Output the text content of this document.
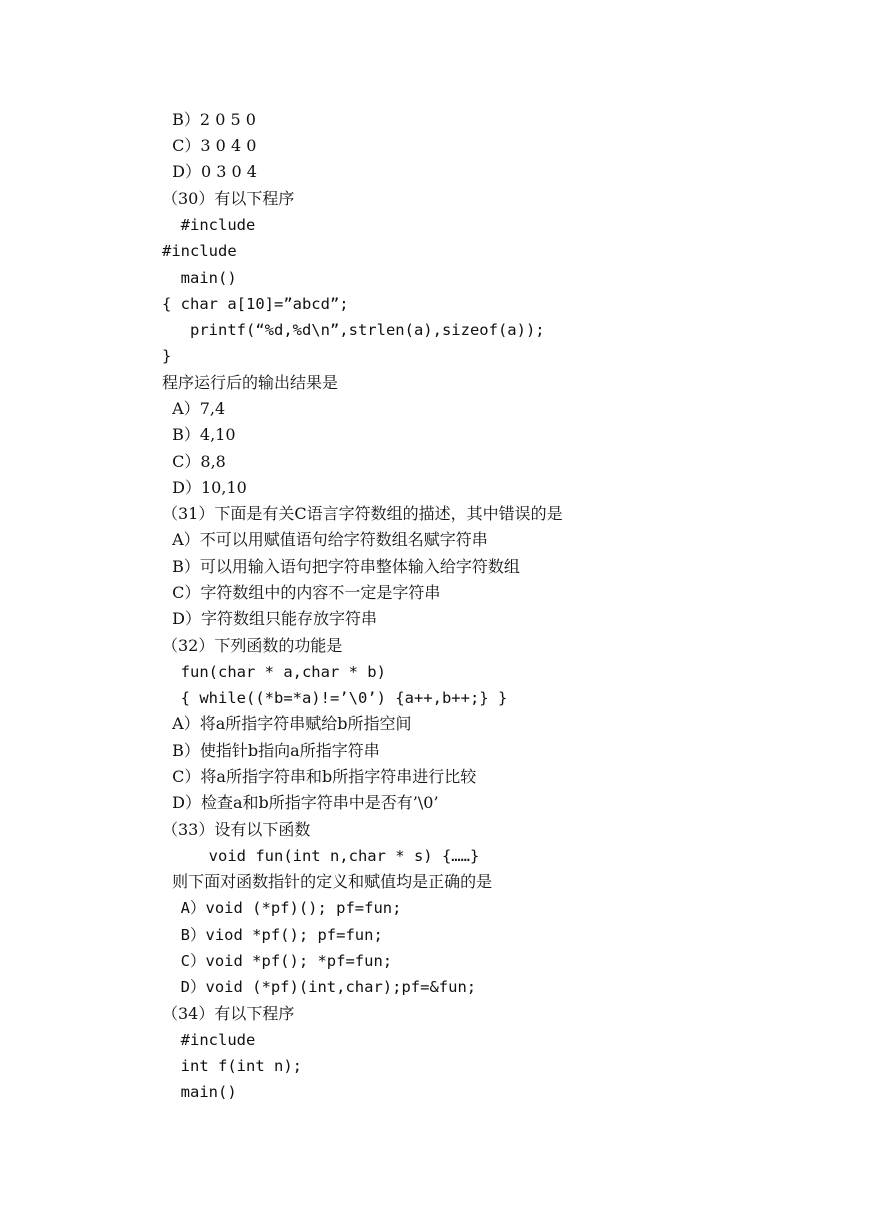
B）2 0 5 0
C）3 0 4 0
D）0 3 0 4
（30）有以下程序
#include
#include
main()
{ char a[10]=”abcd”;
printf(“%d,%d\n”,strlen(a),sizeof(a));
}
程序运行后的输出结果是
A）7,4
B）4,10
C）8,8
D）10,10
（31）下面是有关C语言字符数组的描述，其中错误的是
A）不可以用赋值语句给字符数组名赋字符串
B）可以用输入语句把字符串整体输入给字符数组
C）字符数组中的内容不一定是字符串
D）字符数组只能存放字符串
（32）下列函数的功能是
fun(char * a,char * b)
{ while((*b=*a)!=’\0’) {a++,b++;} }
A）将a所指字符串赋给b所指空间
B）使指针b指向a所指字符串
C）将a所指字符串和b所指字符串进行比较
D）检查a和b所指字符串中是否有’\0’
（33）设有以下函数
void fun(int n,char * s) {……}
则下面对函数指针的定义和赋值均是正确的是
A）void (*pf)(); pf=fun;
B）viod *pf(); pf=fun;
C）void *pf(); *pf=fun;
D）void (*pf)(int,char);pf=&fun;
（34）有以下程序
#include
int f(int n);
main()
